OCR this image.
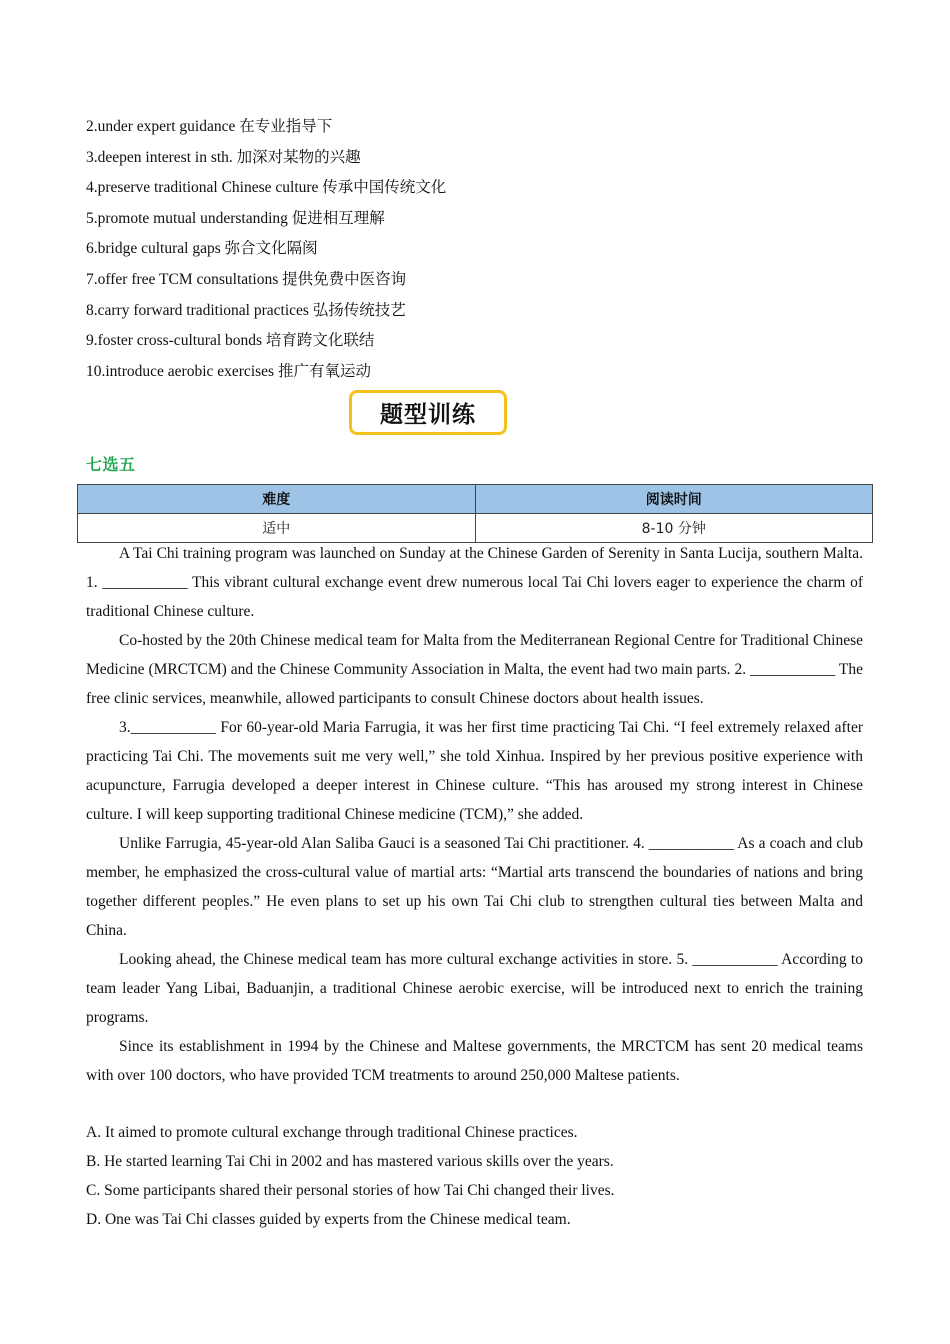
2.under expert guidance 在专业指导下
3.deepen interest in sth. 加深对某物的兴趣
4.preserve traditional Chinese culture 传承中国传统文化
5.promote mutual understanding 促进相互理解
6.bridge cultural gaps 弥合文化隔阂
7.offer free TCM consultations 提供免费中医咨询
8.carry forward traditional practices 弘扬传统技艺
9.foster cross-cultural bonds 培育跨文化联结
10.introduce aerobic exercises 推广有氧运动
题型训练
七选五
难度	阅读时间
适中	8-10 分钟

A Tai Chi training program was launched on Sunday at the Chinese Garden of Serenity in Santa Lucija, southern Malta. 1. ___________ This vibrant cultural exchange event drew numerous local Tai Chi lovers eager to experience the charm of traditional Chinese culture.

Co-hosted by the 20th Chinese medical team for Malta from the Mediterranean Regional Centre for Traditional Chinese Medicine (MRCTCM) and the Chinese Community Association in Malta, the event had two main parts. 2. ___________ The free clinic services, meanwhile, allowed participants to consult Chinese doctors about health issues.

3.___________ For 60-year-old Maria Farrugia, it was her first time practicing Tai Chi. “I feel extremely relaxed after practicing Tai Chi. The movements suit me very well,” she told Xinhua. Inspired by her previous positive experience with acupuncture, Farrugia developed a deeper interest in Chinese culture. “This has aroused my strong interest in Chinese culture. I will keep supporting traditional Chinese medicine (TCM),” she added.

Unlike Farrugia, 45-year-old Alan Saliba Gauci is a seasoned Tai Chi practitioner. 4. ___________ As a coach and club member, he emphasized the cross-cultural value of martial arts: “Martial arts transcend the boundaries of nations and bring together different peoples.” He even plans to set up his own Tai Chi club to strengthen cultural ties between Malta and China.

Looking ahead, the Chinese medical team has more cultural exchange activities in store. 5. ___________ According to team leader Yang Libai, Baduanjin, a traditional Chinese aerobic exercise, will be introduced next to enrich the training programs.

Since its establishment in 1994 by the Chinese and Maltese governments, the MRCTCM has sent 20 medical teams with over 100 doctors, who have provided TCM treatments to around 250,000 Maltese patients.

A. It aimed to promote cultural exchange through traditional Chinese practices.
B. He started learning Tai Chi in 2002 and has mastered various skills over the years.
C. Some participants shared their personal stories of how Tai Chi changed their lives.
D. One was Tai Chi classes guided by experts from the Chinese medical team.
